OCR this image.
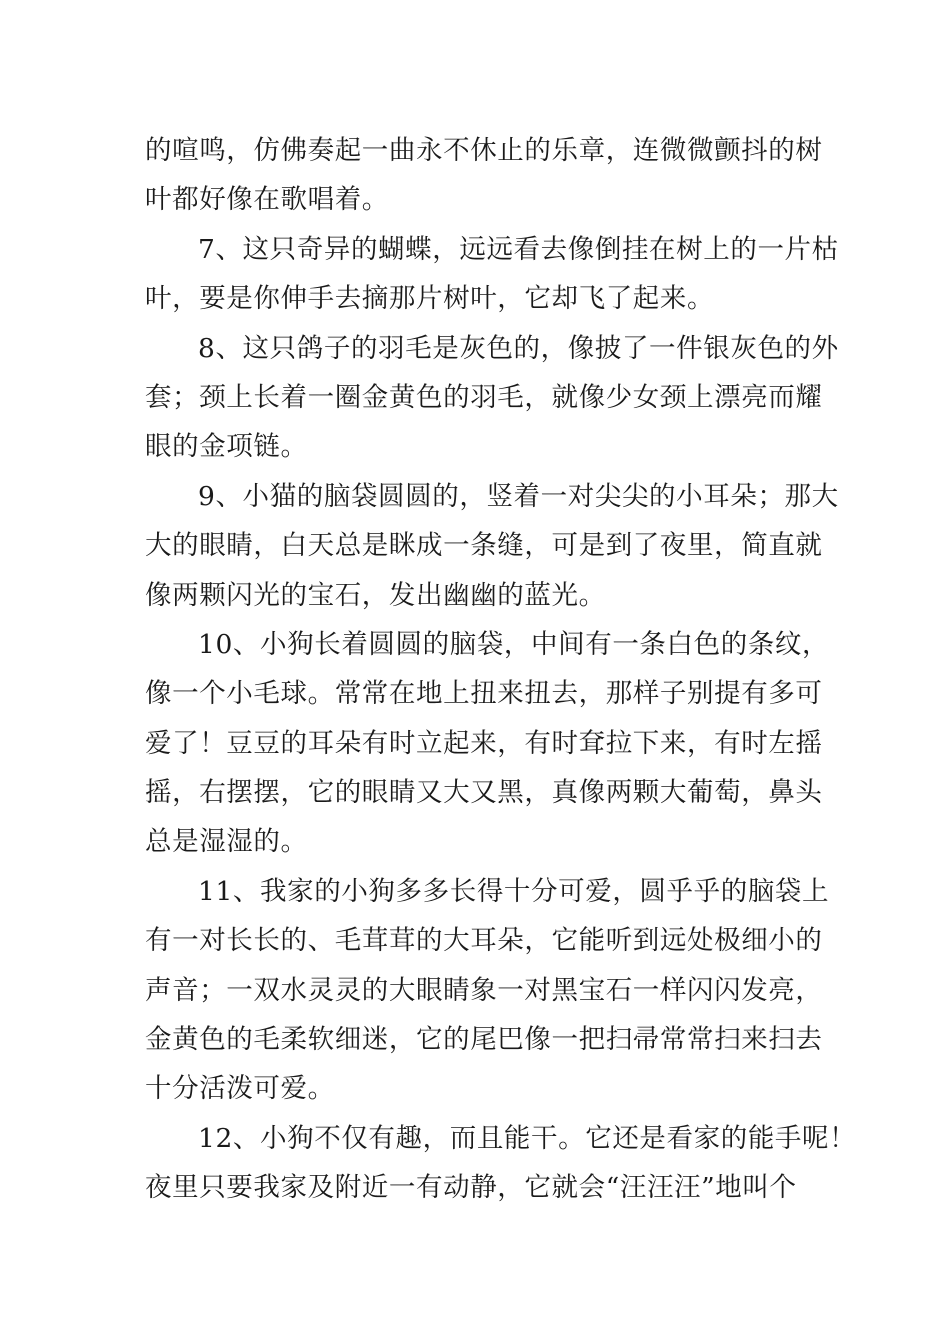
的喧鸣，仿佛奏起一曲永不休止的乐章，连微微颤抖的树
叶都好像在歌唱着。
7、这只奇异的蝴蝶，远远看去像倒挂在树上的一片枯
叶，要是你伸手去摘那片树叶，它却飞了起来。
8、这只鸽子的羽毛是灰色的，像披了一件银灰色的外
套；颈上长着一圈金黄色的羽毛，就像少女颈上漂亮而耀
眼的金项链。
9、小猫的脑袋圆圆的，竖着一对尖尖的小耳朵；那大
大的眼睛，白天总是眯成一条缝，可是到了夜里，简直就
像两颗闪光的宝石，发出幽幽的蓝光。
10、小狗长着圆圆的脑袋，中间有一条白色的条纹，
像一个小毛球。常常在地上扭来扭去，那样子别提有多可
爱了！豆豆的耳朵有时立起来，有时耷拉下来，有时左摇
摇，右摆摆，它的眼睛又大又黑，真像两颗大葡萄，鼻头
总是湿湿的。
11、我家的小狗多多长得十分可爱，圆乎乎的脑袋上
有一对长长的、毛茸茸的大耳朵，它能听到远处极细小的
声音；一双水灵灵的大眼睛象一对黑宝石一样闪闪发亮，
金黄色的毛柔软细迷，它的尾巴像一把扫帚常常扫来扫去
十分活泼可爱。
12、小狗不仅有趣，而且能干。它还是看家的能手呢！
夜里只要我家及附近一有动静，它就会“汪汪汪”地叫个
